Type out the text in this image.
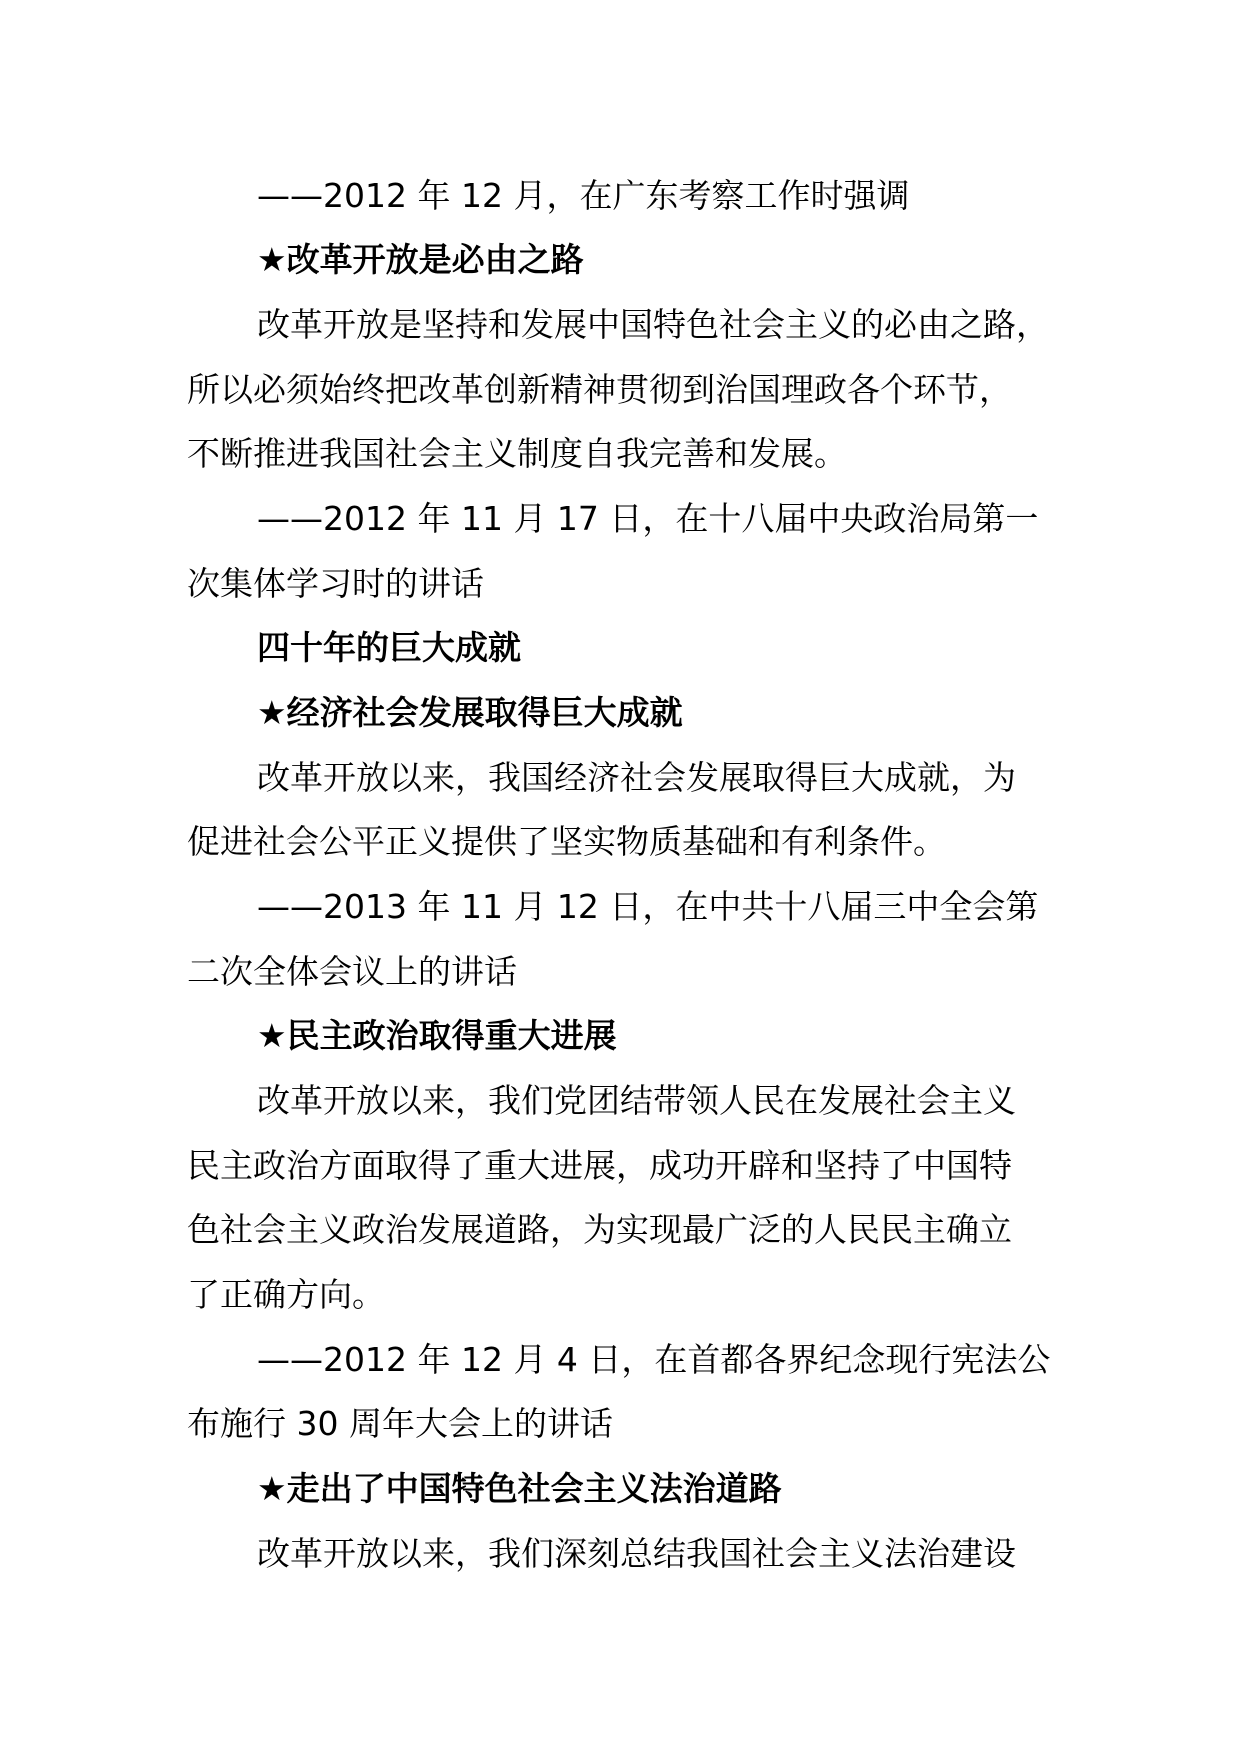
——2012 年 12 月，在广东考察工作时强调
★改革开放是必由之路
改革开放是坚持和发展中国特色社会主义的必由之路，
所以必须始终把改革创新精神贯彻到治国理政各个环节，
不断推进我国社会主义制度自我完善和发展。
——2012 年 11 月 17 日，在十八届中央政治局第一
次集体学习时的讲话
四十年的巨大成就
★经济社会发展取得巨大成就
改革开放以来，我国经济社会发展取得巨大成就，为
促进社会公平正义提供了坚实物质基础和有利条件。
——2013 年 11 月 12 日，在中共十八届三中全会第
二次全体会议上的讲话
★民主政治取得重大进展
改革开放以来，我们党团结带领人民在发展社会主义
民主政治方面取得了重大进展，成功开辟和坚持了中国特
色社会主义政治发展道路，为实现最广泛的人民民主确立
了正确方向。
——2012 年 12 月 4 日，在首都各界纪念现行宪法公
布施行 30 周年大会上的讲话
★走出了中国特色社会主义法治道路
改革开放以来，我们深刻总结我国社会主义法治建设
